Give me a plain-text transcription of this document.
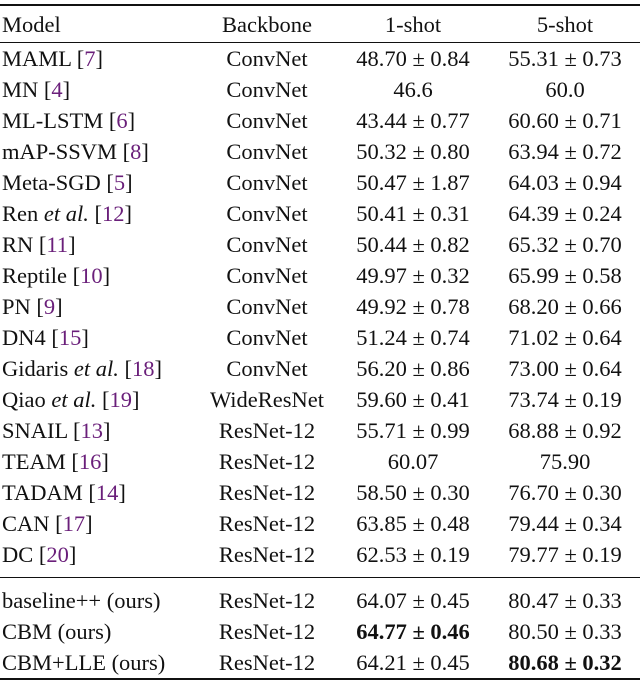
Model	Backbone	1-shot	5-shot
MAML [7]	ConvNet	48.70 ± 0.84	55.31 ± 0.73
MN [4]	ConvNet	46.6	60.0
ML-LSTM [6]	ConvNet	43.44 ± 0.77	60.60 ± 0.71
mAP-SSVM [8]	ConvNet	50.32 ± 0.80	63.94 ± 0.72
Meta-SGD [5]	ConvNet	50.47 ± 1.87	64.03 ± 0.94
Ren et al. [12]	ConvNet	50.41 ± 0.31	64.39 ± 0.24
RN [11]	ConvNet	50.44 ± 0.82	65.32 ± 0.70
Reptile [10]	ConvNet	49.97 ± 0.32	65.99 ± 0.58
PN [9]	ConvNet	49.92 ± 0.78	68.20 ± 0.66
DN4 [15]	ConvNet	51.24 ± 0.74	71.02 ± 0.64
Gidaris et al. [18]	ConvNet	56.20 ± 0.86	73.00 ± 0.64
Qiao et al. [19]	WideResNet	59.60 ± 0.41	73.74 ± 0.19
SNAIL [13]	ResNet-12	55.71 ± 0.99	68.88 ± 0.92
TEAM [16]	ResNet-12	60.07	75.90
TADAM [14]	ResNet-12	58.50 ± 0.30	76.70 ± 0.30
CAN [17]	ResNet-12	63.85 ± 0.48	79.44 ± 0.34
DC [20]	ResNet-12	62.53 ± 0.19	79.77 ± 0.19
baseline++ (ours)	ResNet-12	64.07 ± 0.45	80.47 ± 0.33
CBM (ours)	ResNet-12	64.77 ± 0.46	80.50 ± 0.33
CBM+LLE (ours)	ResNet-12	64.21 ± 0.45	80.68 ± 0.32
